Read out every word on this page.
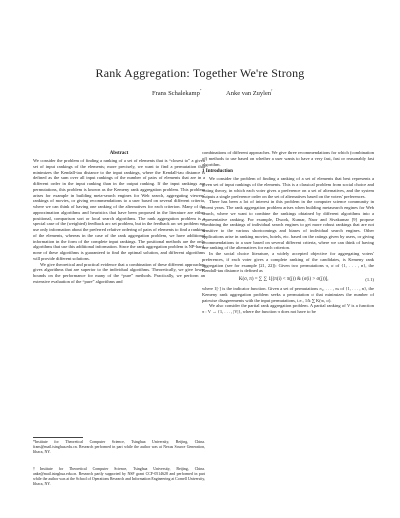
Rank Aggregation: Together We're Strong
Frans Schalekamp*	Anke van Zuylen†
Abstract

We consider the problem of finding a ranking of a set of elements that is “closest to” a given set of input rankings of the elements; more precisely, we want to find a permutation that minimizes the Kendall-tau distance to the input rankings, where the Kendall-tau distance is defined as the sum over all input rankings of the number of pairs of elements that are in a different order in the input ranking than in the output ranking. If the input rankings are permutations, this problem is known as the Kemeny rank aggregation problem. This problem arises for example in building meta-search engines for Web search, aggregating viewers' rankings of movies, or giving recommendations to a user based on several different criteria, where we can think of having one ranking of the alternatives for each criterion. Many of the approximation algorithms and heuristics that have been proposed in the literature are either positional, comparison sort or local search algorithms. The rank aggregation problem is a special case of the (weighted) feedback arc set problem, but in the feedback arc set problem we use only information about the preferred relative ordering of pairs of elements to find a ranking of the elements, whereas in the case of the rank aggregation problem, we have additional information in the form of the complete input rankings. The positional methods are the only algorithms that use this additional information. Since the rank aggregation problem is NP-hard, none of these algorithms is guaranteed to find the optimal solution, and different algorithms will provide different solutions.

We give theoretical and practical evidence that a combination of these different approaches gives algorithms that are superior to the individual algorithms. Theoretically, we give lower bounds on the performance for many of the “pure” methods. Practically, we perform an extensive evaluation of the “pure” algorithms and

combinations of different approaches. We give three recommendations for which (combination of) methods to use based on whether a user wants to have a very fast, fast or reasonably fast algorithm.

1 Introduction

We consider the problem of finding a ranking of a set of elements that best represents a given set of input rankings of the elements. This is a classical problem from social choice and voting theory, in which each voter gives a preference on a set of alternatives, and the system outputs a single preference order on the set of alternatives based on the voters' preferences.

There has been a lot of interest in this problem in the computer science community in recent years. The rank aggregation problem arises when building metasearch engines for Web search, where we want to combine the rankings obtained by different algorithms into a representative ranking. For example, Dwork, Kumar, Naor and Sivakumar [9] propose combining the rankings of individual search engines to get more robust rankings that are not sensitive to the various shortcomings and biases of individual search engines. Other applications arise in ranking movies, hotels, etc. based on the ratings given by users, or giving recommendations to a user based on several different criteria, where we can think of having one ranking of the alternatives for each criterion.

In the social choice literature, a widely accepted objective for aggregating voters' preferences, if each voter gives a complete ranking of the candidates, is Kemeny rank aggregation (see for example [21, 22]): Given two permutations π, σ of {1, . . . , n}, the Kendall-tau distance is defined as

(1.1)
K(σ, π) = ∑ ∑ 1[(π(i) < π(j)) & (σ(i) > σ(j))],

where 1[·] is the indicator function. Given a set of permutations π₁, . . . , πₖ of {1, . . . , n}, the Kemeny rank aggregation problem seeks a permutation σ that minimizes the number of pairwise disagreements with the input permutations, i.e., 1/k ∑ K(πₗ, σ).

We also consider the partial rank aggregation problem. A partial ranking of V is a function π : V → {1, . . . , |V|}, where the function π does not have to be

*Institute for Theoretical Computer Science, Tsinghua University, Beijing, China. frans@mail.tsinghua.edu.cn. Research performed in part while the author was at Nexus Source Generation, Ithaca, NY.
†Institute for Theoretical Computer Science, Tsinghua University, Beijing, China. anke@mail.tsinghua.edu.cn. Research partly supported by NSF grant CCF-0514628 and performed in part while the author was at the School of Operations Research and Information Engineering at Cornell University, Ithaca, NY.
